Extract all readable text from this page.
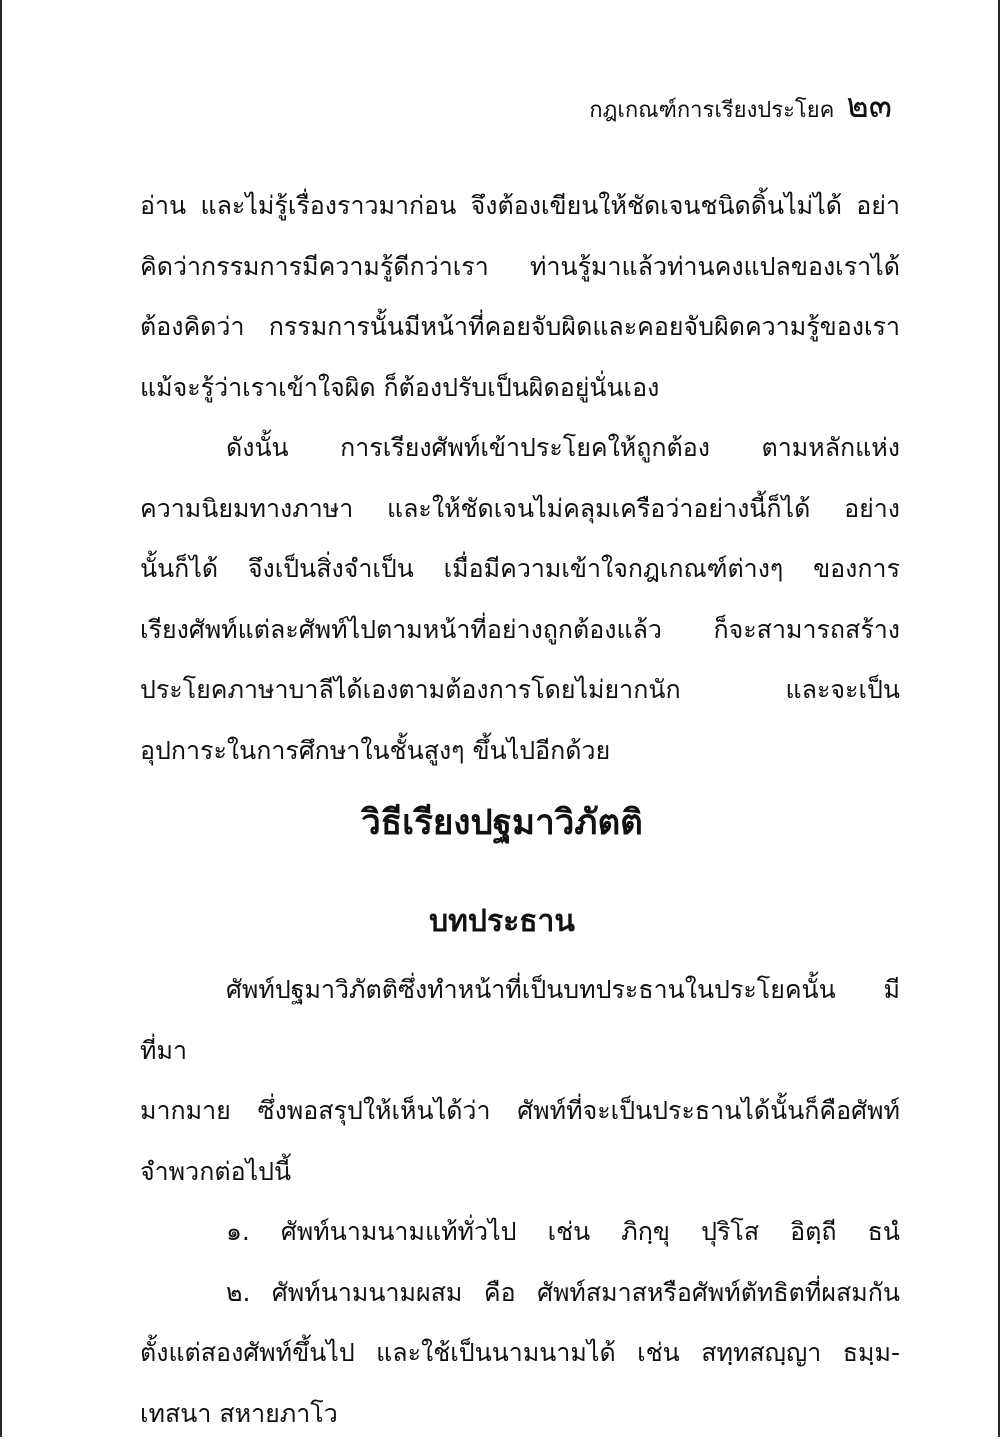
กฎเกณฑ์การเรียงประโยค ๒๓

อ่าน และไม่รู้เรื่องราวมาก่อน จึงต้องเขียนให้ชัดเจนชนิดดิ้นไม่ได้ อย่า

คิดว่ากรรมการมีความรู้ดีกว่าเรา ท่านรู้มาแล้วท่านคงแปลของเราได้

ต้องคิดว่า กรรมการนั้นมีหน้าที่คอยจับผิดและคอยจับผิดความรู้ของเรา

แม้จะรู้ว่าเราเข้าใจผิด ก็ต้องปรับเป็นผิดอยู่นั่นเอง

ดังนั้น การเรียงศัพท์เข้าประโยคให้ถูกต้อง ตามหลักแห่ง

ความนิยมทางภาษา และให้ชัดเจนไม่คลุมเครือว่าอย่างนี้ก็ได้ อย่าง

นั้นก็ได้ จึงเป็นสิ่งจำเป็น เมื่อมีความเข้าใจกฎเกณฑ์ต่างๆ ของการ

เรียงศัพท์แต่ละศัพท์ไปตามหน้าที่อย่างถูกต้องแล้ว ก็จะสามารถสร้าง

ประโยคภาษาบาลีได้เองตามต้องการโดยไม่ยากนัก และจะเป็น

อุปการะในการศึกษาในชั้นสูงๆ ขึ้นไปอีกด้วย

วิธีเรียงปฐมาวิภัตติ
บทประธาน

ศัพท์ปฐมาวิภัตติซึ่งทำหน้าที่เป็นบทประธานในประโยคนั้น มีที่มา

มากมาย ซึ่งพอสรุปให้เห็นได้ว่า ศัพท์ที่จะเป็นประธานได้นั้นก็คือศัพท์

จำพวกต่อไปนี้

๑. ศัพท์นามนามแท้ทั่วไป เช่น ภิกฺขุ ปุริโส อิตฺถี ธนํ

๒. ศัพท์นามนามผสม คือ ศัพท์สมาสหรือศัพท์ตัทธิตที่ผสมกัน

ตั้งแต่สองศัพท์ขึ้นไป และใช้เป็นนามนามได้ เช่น สทฺทสญฺญา ธมฺม-

เทสนา สหายภาโว
